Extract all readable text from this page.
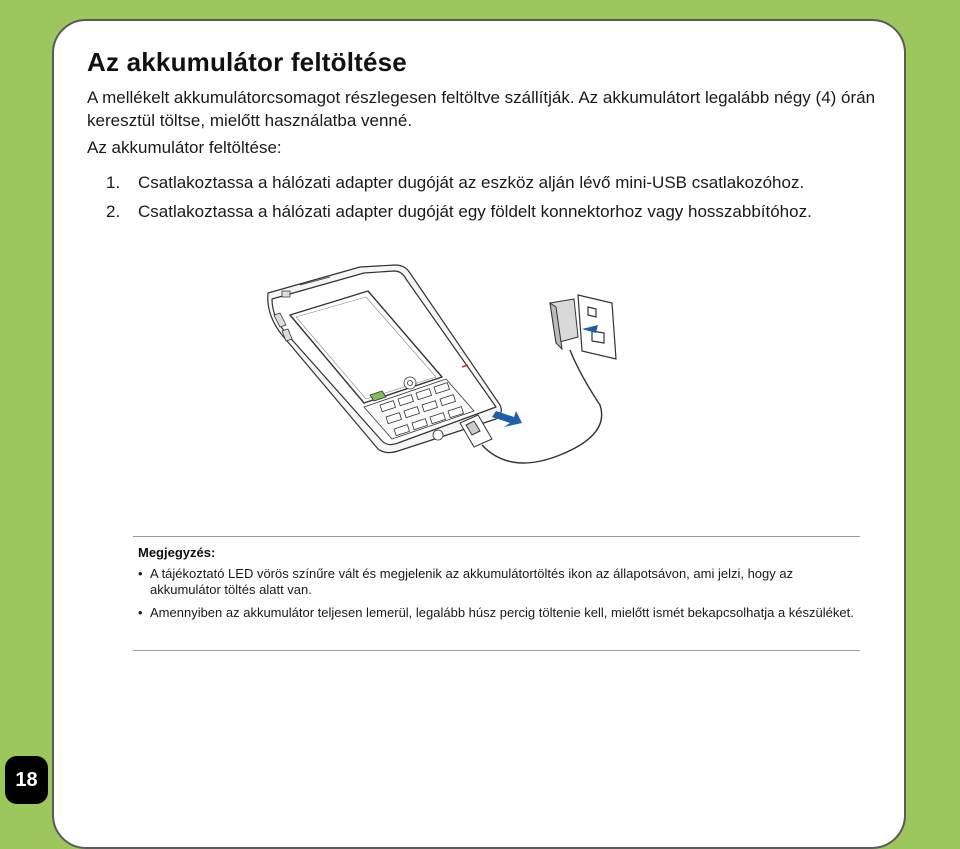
Az akkumulátor feltöltése

A mellékelt akkumulátorcsomagot részlegesen feltöltve szállítják. Az akkumulátort legalább négy (4) órán keresztül töltse, mielőtt használatba venné.

Az akkumulátor feltöltése:

1. Csatlakoztassa a hálózati adapter dugóját az eszköz alján lévő mini-USB csatlakozóhoz.
2. Csatlakoztassa a hálózati adapter dugóját egy földelt konnektorhoz vagy hosszabbítóhoz.

Megjegyzés:

• A tájékoztató LED vörös színűre vált és megjelenik az akkumulátortöltés ikon az állapotsávon, ami jelzi, hogy az akkumulátor töltés alatt van.
• Amennyiben az akkumulátor teljesen lemerül, legalább húsz percig töltenie kell, mielőtt ismét bekapcsolhatja a készüléket.
18
